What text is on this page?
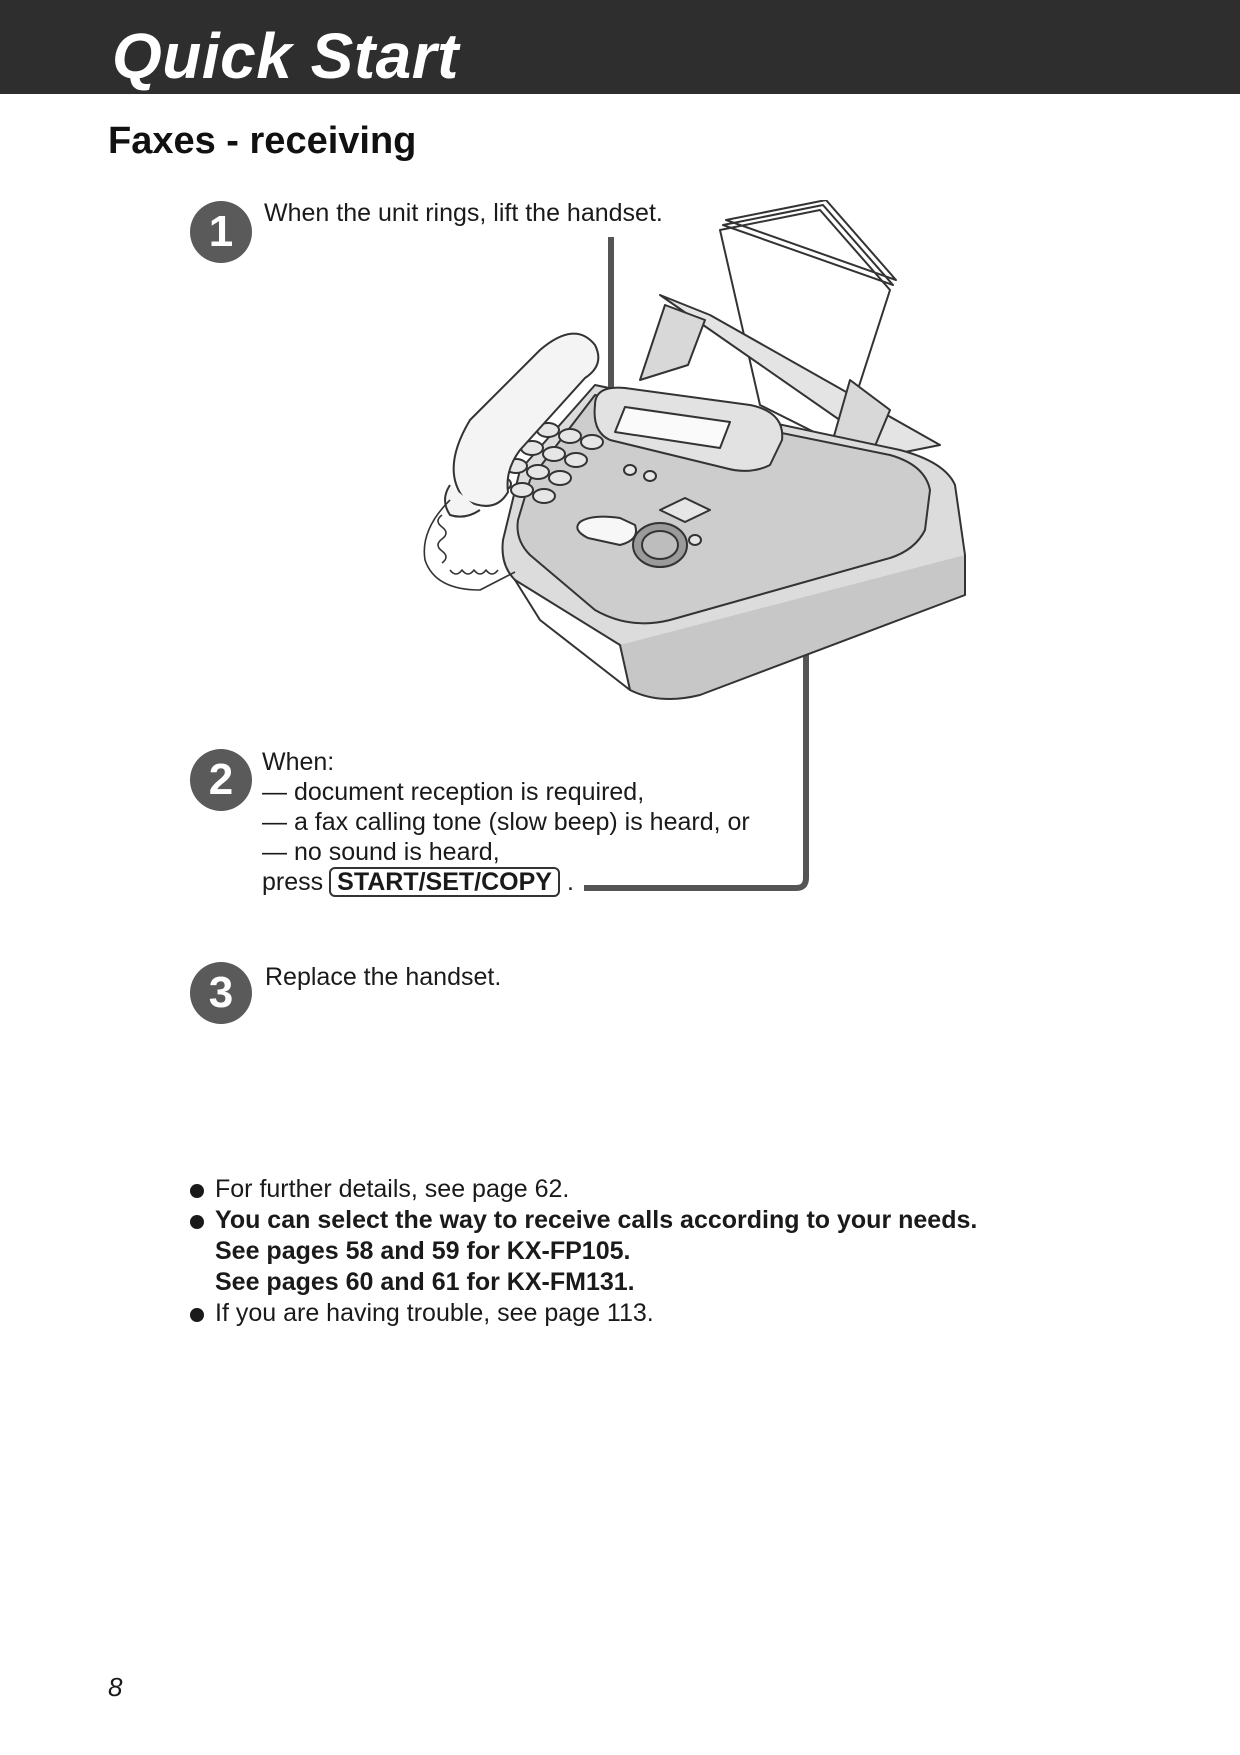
Quick Start
Faxes - receiving
1	When the unit rings, lift the handset.
2	When:
— document reception is required,
— a fax calling tone (slow beep) is heard, or
— no sound is heard,
press START/SET/COPY .
3	Replace the handset.
For further details, see page 62.
You can select the way to receive calls according to your needs.
See pages 58 and 59 for KX-FP105.
See pages 60 and 61 for KX-FM131.
If you are having trouble, see page 113.
8
